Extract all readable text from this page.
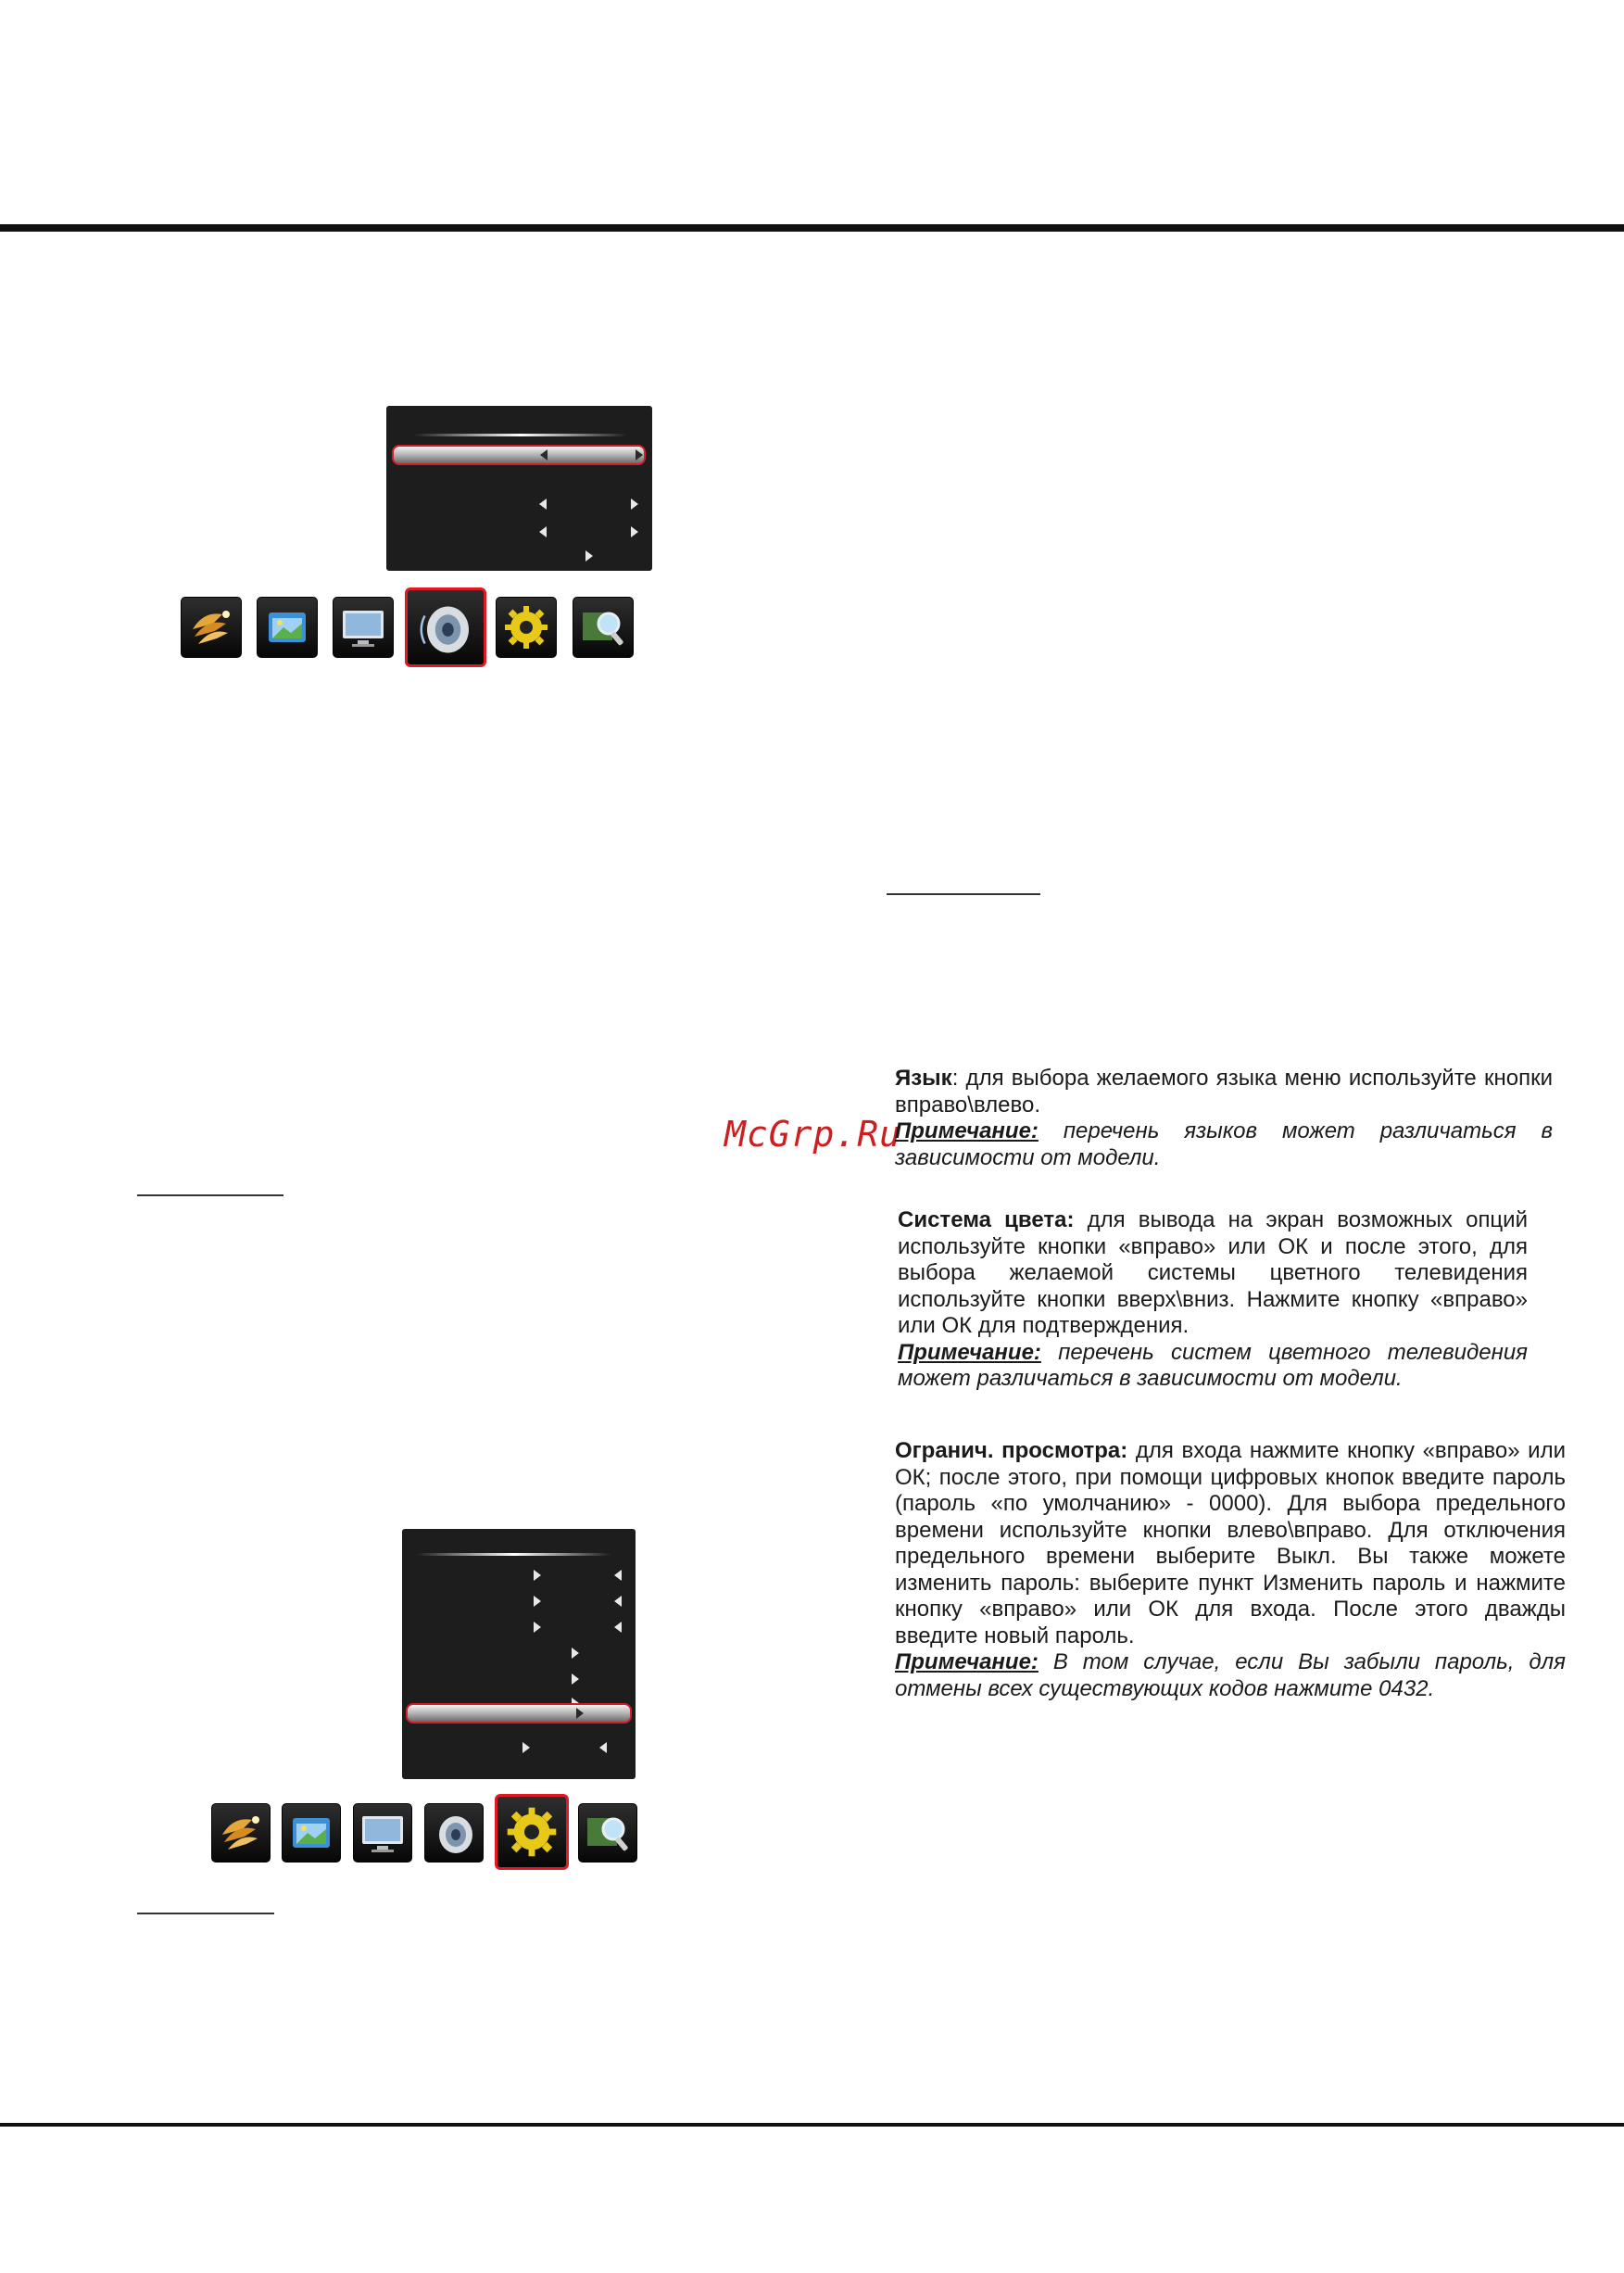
McGrp.Ru
Язык: для выбора желаемого языка меню используйте кнопки вправо\влево.
Примечание: перечень языков может различаться в зависимости от модели.
Система цвета: для вывода на экран возможных опций используйте кнопки «вправо» или ОК и после этого, для выбора желаемой системы цветного телевидения используйте кнопки вверх\вниз. Нажмите кнопку «вправо» или ОК для подтверждения.
Примечание: перечень систем цветного телевидения может различаться в зависимости от модели.
Огранич. просмотра: для входа нажмите кнопку «вправо» или ОК; после этого, при помощи цифровых кнопок введите пароль (пароль «по умолчанию» - 0000). Для выбора предельного времени используйте кнопки влево\вправо. Для отключения предельного времени выберите Выкл. Вы также можете изменить пароль: выберите пункт Изменить пароль и нажмите кнопку «вправо» или ОК для входа. После этого дважды введите новый пароль.
Примечание: В том случае, если Вы забыли пароль, для отмены всех существующих кодов нажмите 0432.
